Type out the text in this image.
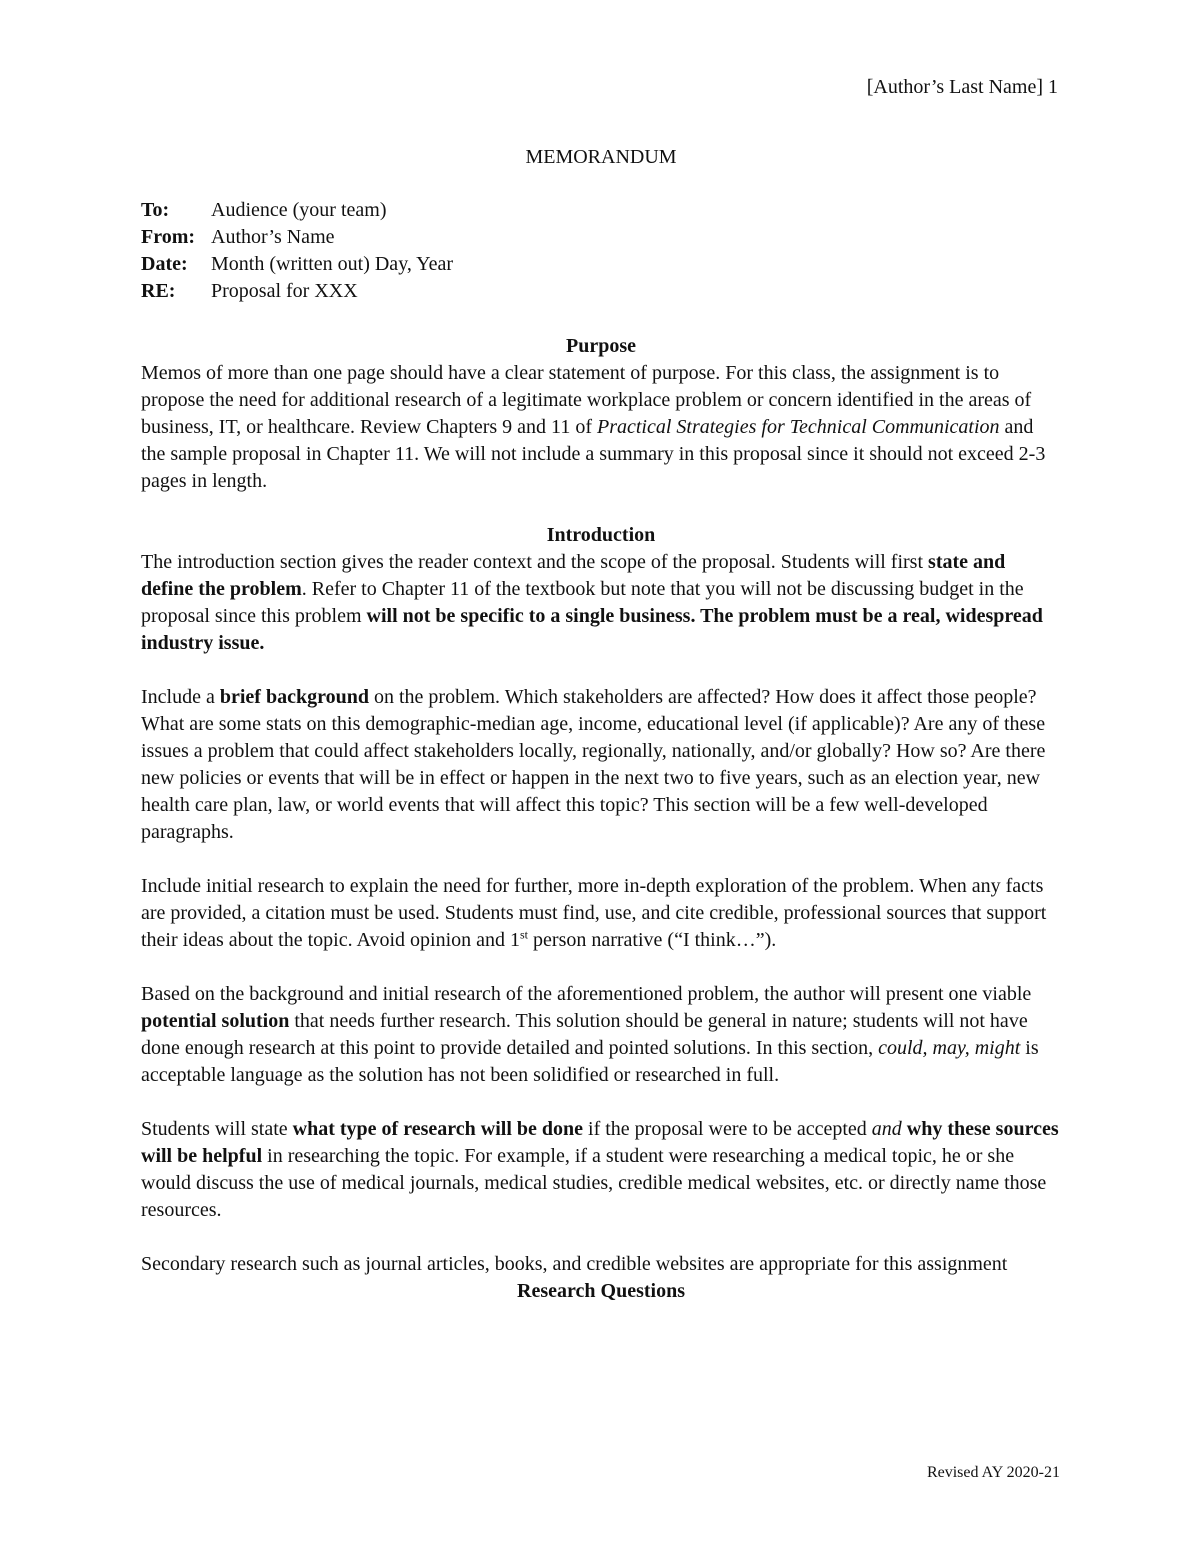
[Author’s Last Name] 1
MEMORANDUM
To:	Audience (your team)
From: Author’s Name
Date:	Month (written out) Day, Year
RE:	Proposal for XXX
Purpose

Memos of more than one page should have a clear statement of purpose. For this class, the assignment is to propose the need for additional research of a legitimate workplace problem or concern identified in the areas of business, IT, or healthcare. Review Chapters 9 and 11 of Practical Strategies for Technical Communication and the sample proposal in Chapter 11. We will not include a summary in this proposal since it should not exceed 2-3 pages in length.

Introduction

The introduction section gives the reader context and the scope of the proposal. Students will first state and define the problem. Refer to Chapter 11 of the textbook but note that you will not be discussing budget in the proposal since this problem will not be specific to a single business. The problem must be a real, widespread industry issue.

Include a brief background on the problem. Which stakeholders are affected? How does it affect those people? What are some stats on this demographic-median age, income, educational level (if applicable)? Are any of these issues a problem that could affect stakeholders locally, regionally, nationally, and/or globally? How so? Are there new policies or events that will be in effect or happen in the next two to five years, such as an election year, new health care plan, law, or world events that will affect this topic? This section will be a few well-developed paragraphs.

Include initial research to explain the need for further, more in-depth exploration of the problem. When any facts are provided, a citation must be used. Students must find, use, and cite credible, professional sources that support their ideas about the topic. Avoid opinion and 1st person narrative (“I think…”).

Based on the background and initial research of the aforementioned problem, the author will present one viable potential solution that needs further research. This solution should be general in nature; students will not have done enough research at this point to provide detailed and pointed solutions. In this section, could, may, might is acceptable language as the solution has not been solidified or researched in full.

Students will state what type of research will be done if the proposal were to be accepted and why these sources will be helpful in researching the topic. For example, if a student were researching a medical topic, he or she would discuss the use of medical journals, medical studies, credible medical websites, etc. or directly name those resources.

Secondary research such as journal articles, books, and credible websites are appropriate for this assignment

Research Questions
Revised AY 2020-21
